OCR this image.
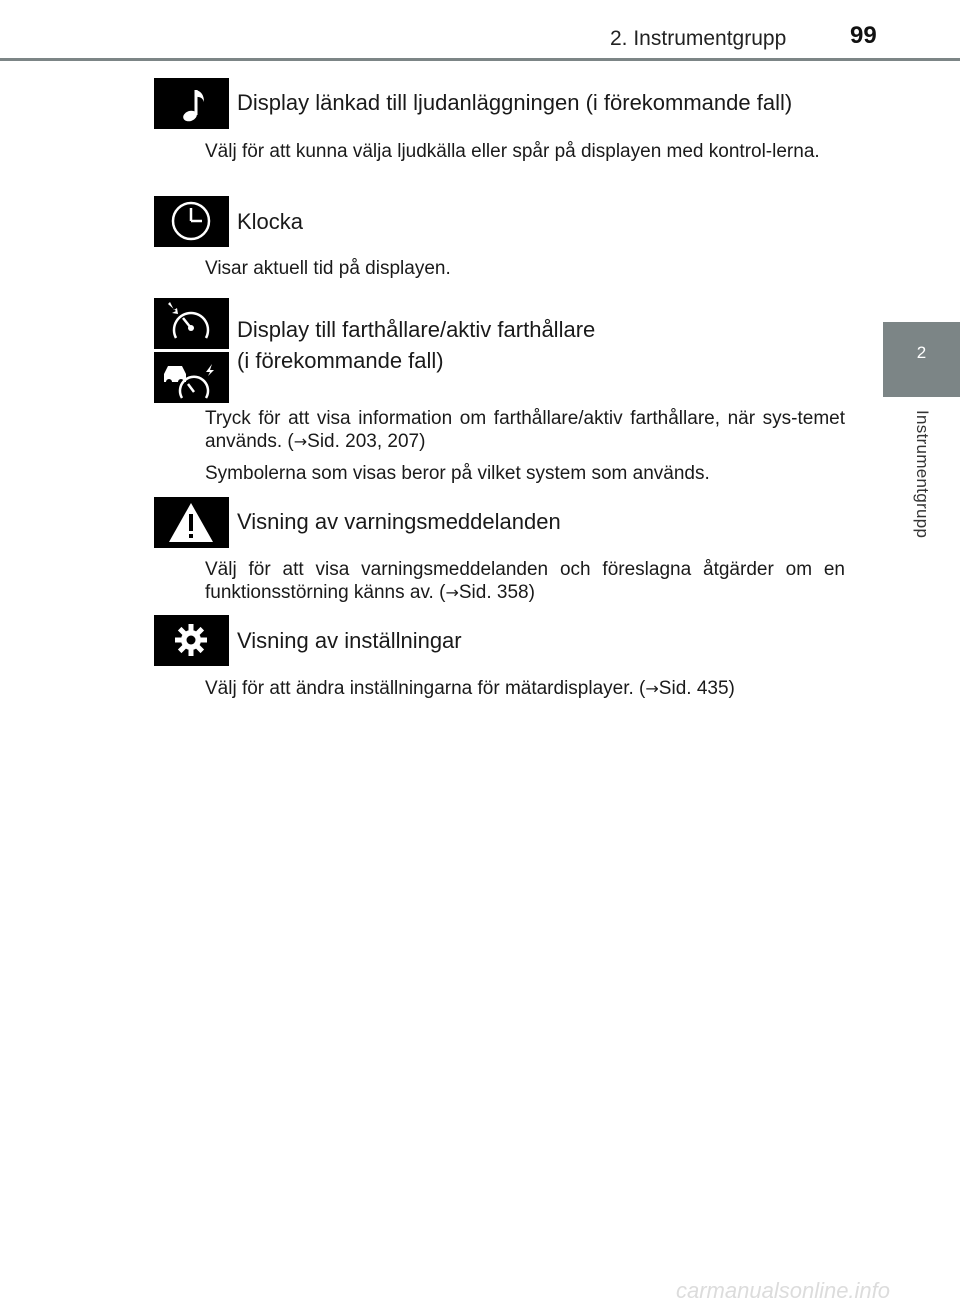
2. Instrumentgrupp	99
2
Instrumentgrupp
Display länkad till ljudanläggningen (i förekommande fall)
Välj för att kunna välja ljudkälla eller spår på displayen med kontrol-lerna.
Klocka
Visar aktuell tid på displayen.
Display till farthållare/aktiv farthållare
(i förekommande fall)
Tryck för att visa information om farthållare/aktiv farthållare, när sys-temet används. (→Sid. 203, 207)
Symbolerna som visas beror på vilket system som används.
Visning av varningsmeddelanden
Välj för att visa varningsmeddelanden och föreslagna åtgärder om en funktionsstörning känns av. (→Sid. 358)
Visning av inställningar
Välj för att ändra inställningarna för mätardisplayer. (→Sid. 435)
carmanualsonline.info
